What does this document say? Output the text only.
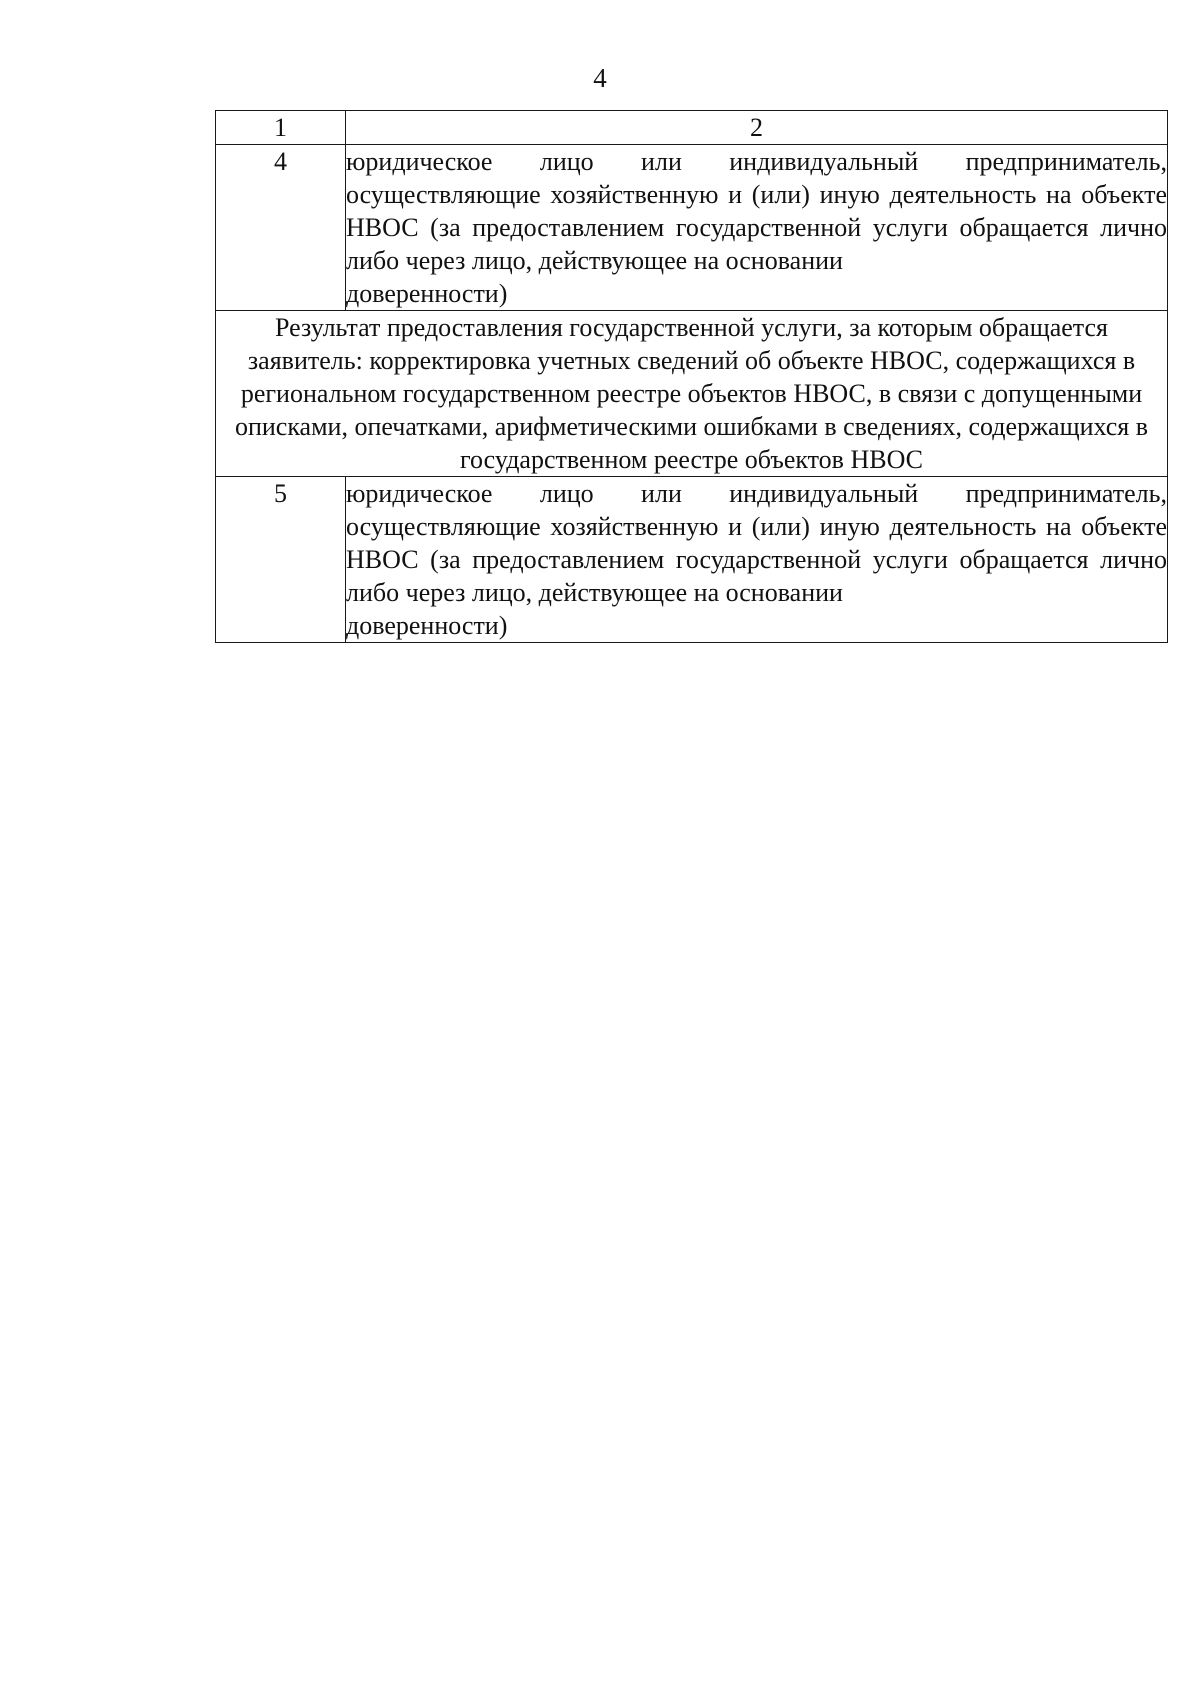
4
1	2
4	юридическое лицо или индивидуальный предприниматель, осуществляющие хозяйственную и (или) иную деятельность на объекте НВОС (за предоставлением государственной услуги обращается лично либо через лицо, действующее на основании
доверенности)

Результат предоставления государственной услуги, за которым обращается заявитель: корректировка учетных сведений об объекте НВОС, содержащихся в региональном государственном реестре объектов НВОС, в связи с допущенными описками, опечатками, арифметическими ошибками в сведениях, содержащихся в государственном реестре объектов НВОС	
5	юридическое лицо или индивидуальный предприниматель, осуществляющие хозяйственную и (или) иную деятельность на объекте НВОС (за предоставлением государственной услуги обращается лично либо через лицо, действующее на основании
доверенности)
